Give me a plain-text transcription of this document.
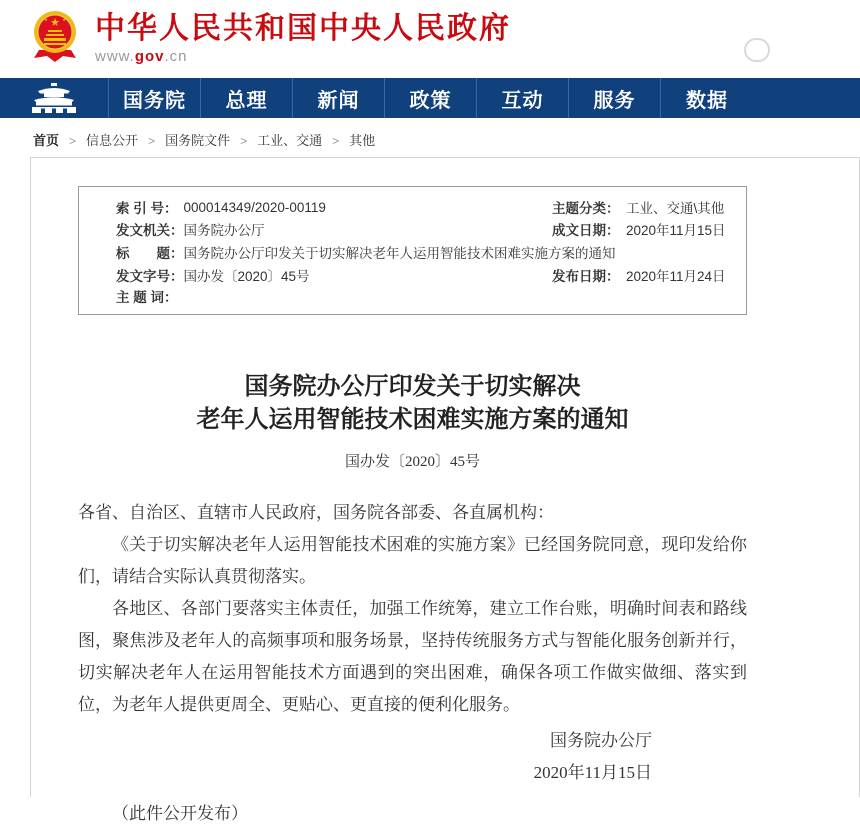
★
★	★ 中华人民共和国中央人民政府
www.gov.cn
国务院	总理	新闻	政策	互动	服务	数据
首页 > 信息公开 > 国务院文件 > 工业、交通 > 其他
索 引 号：	000014349/2020-00119	主题分类：	工业、交通\其他
发文机关：	国务院办公厅	成文日期：	2020年11月15日
标　　题：	国务院办公厅印发关于切实解决老年人运用智能技术困难实施方案的通知		
发文字号：	国办发〔2020〕45号	发布日期：	2020年11月24日
主 题 词：			
国务院办公厅印发关于切实解决
老年人运用智能技术困难实施方案的通知
国办发〔2020〕45号

各省、自治区、直辖市人民政府，国务院各部委、各直属机构：

《关于切实解决老年人运用智能技术困难的实施方案》已经国务院同意，现印发给你们，请结合实际认真贯彻落实。

各地区、各部门要落实主体责任，加强工作统筹，建立工作台账，明确时间表和路线图，聚焦涉及老年人的高频事项和服务场景，坚持传统服务方式与智能化服务创新并行，切实解决老年人在运用智能技术方面遇到的突出困难，确保各项工作做实做细、落实到位，为老年人提供更周全、更贴心、更直接的便利化服务。

国务院办公厅
2020年11月15日

（此件公开发布）
